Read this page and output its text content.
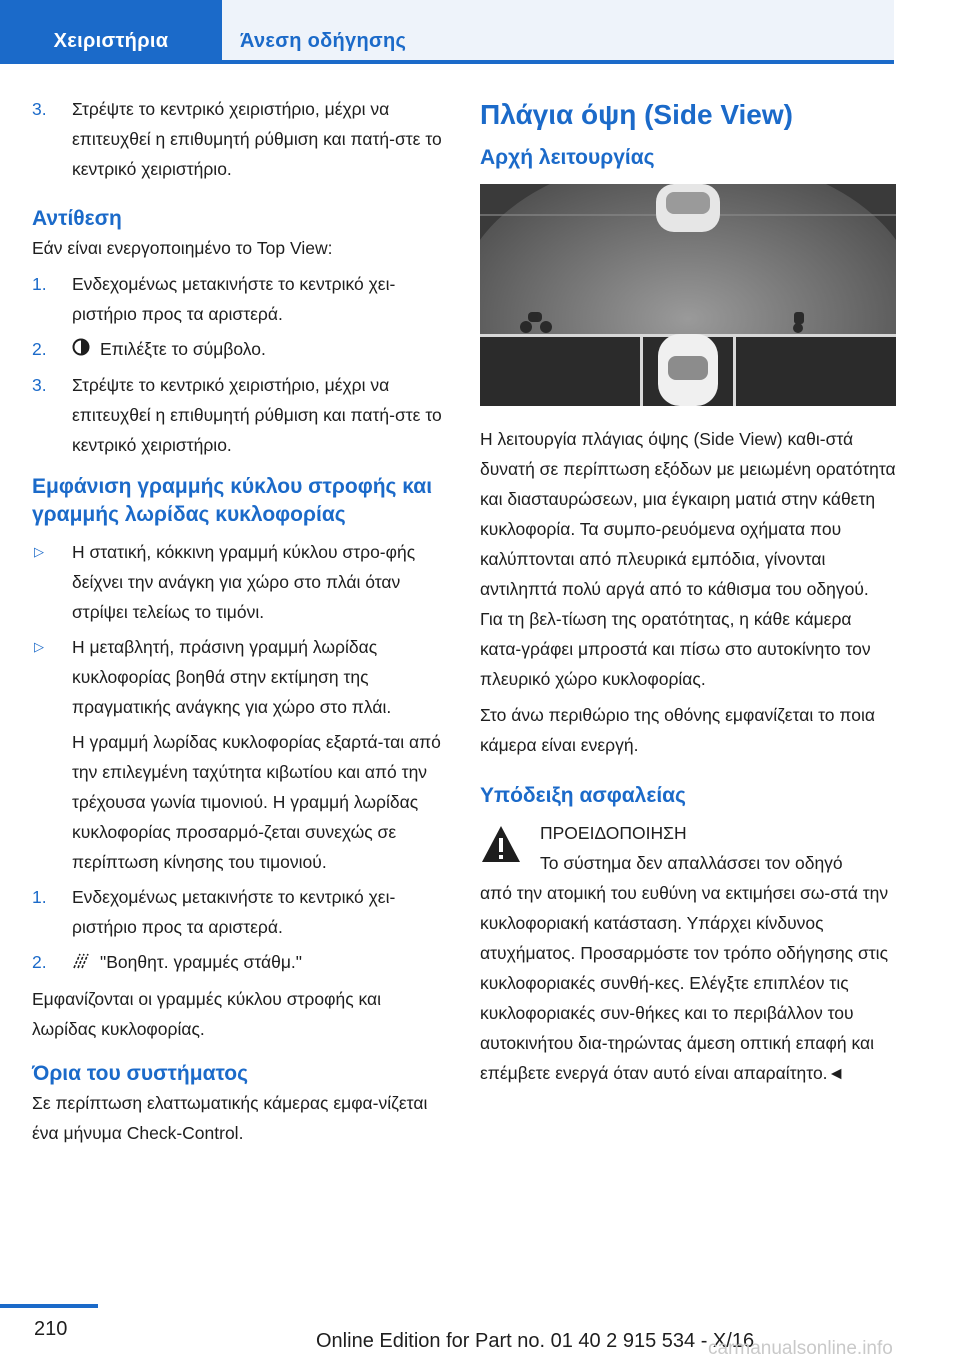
Χειριστήρια	Άνεση οδήγησης
3. Στρέψτε το κεντρικό χειριστήριο, μέχρι να επιτευχθεί η επιθυμητή ρύθμιση και πατή‐στε το κεντρικό χειριστήριο.

Αντίθεση

Εάν είναι ενεργοποιημένο το Top View:

1. Ενδεχομένως μετακινήστε το κεντρικό χει‐ριστήριο προς τα αριστερά.
2.	Επιλέξτε το σύμβολο.
3. Στρέψτε το κεντρικό χειριστήριο, μέχρι να επιτευχθεί η επιθυμητή ρύθμιση και πατή‐στε το κεντρικό χειριστήριο.

Εμφάνιση γραμμής κύκλου στροφής και γραμμής λωρίδας κυκλοφορίας

▷ Η στατική, κόκκινη γραμμή κύκλου στρο‐φής δείχνει την ανάγκη για χώρο στο πλάι όταν στρίψει τελείως το τιμόνι.
▷ Η μεταβλητή, πράσινη γραμμή λωρίδας κυκλοφορίας βοηθά στην εκτίμηση της πραγματικής ανάγκης για χώρο στο πλάι.

Η γραμμή λωρίδας κυκλοφορίας εξαρτά‐ται από την επιλεγμένη ταχύτητα κιβωτίου και από την τρέχουσα γωνία τιμονιού. Η γραμμή λωρίδας κυκλοφορίας προσαρμό‐ζεται συνεχώς σε περίπτωση κίνησης του τιμονιού.

1. Ενδεχομένως μετακινήστε το κεντρικό χει‐ριστήριο προς τα αριστερά.
2.	"Βοηθητ. γραμμές στάθμ."

Εμφανίζονται οι γραμμές κύκλου στροφής και λωρίδας κυκλοφορίας.

Όρια του συστήματος

Σε περίπτωση ελαττωματικής κάμερας εμφα‐νίζεται ένα μήνυμα Check-Control.

Πλάγια όψη (Side View)

Αρχή λειτουργίας

Η λειτουργία πλάγιας όψης (Side View) καθι‐στά δυνατή σε περίπτωση εξόδων με μειωμένη ορατότητα και διασταυρώσεων, μια έγκαιρη ματιά στην κάθετη κυκλοφορία. Τα συμπο‐ρευόμενα οχήματα που καλύπτονται από πλευρικά εμπόδια, γίνονται αντιληπτά πολύ αργά από το κάθισμα του οδηγού. Για τη βελ‐τίωση της ορατότητας, η κάθε κάμερα κατα‐γράφει μπροστά και πίσω στο αυτοκίνητο τον πλευρικό χώρο κυκλοφορίας.

Στο άνω περιθώριο της οθόνης εμφανίζεται το ποια κάμερα είναι ενεργή.

Υπόδειξη ασφαλείας

ΠΡΟΕΙΔΟΠΟΙΗΣΗ

Το σύστημα δεν απαλλάσσει τον οδηγό

από την ατομική του ευθύνη να εκτιμήσει σω‐στά την κυκλοφοριακή κατάσταση. Υπάρχει κίνδυνος ατυχήματος. Προσαρμόστε τον τρόπο οδήγησης στις κυκλοφοριακές συνθή‐κες. Ελέγξτε επιπλέον τις κυκλοφοριακές συν‐θήκες και το περιβάλλον του αυτοκινήτου δια‐τηρώντας άμεση οπτική επαφή και επέμβετε ενεργά όταν αυτό είναι απαραίτητο.◄

210
Online Edition for Part no. 01 40 2 915 534 - X/16
carmanualsonline.info
